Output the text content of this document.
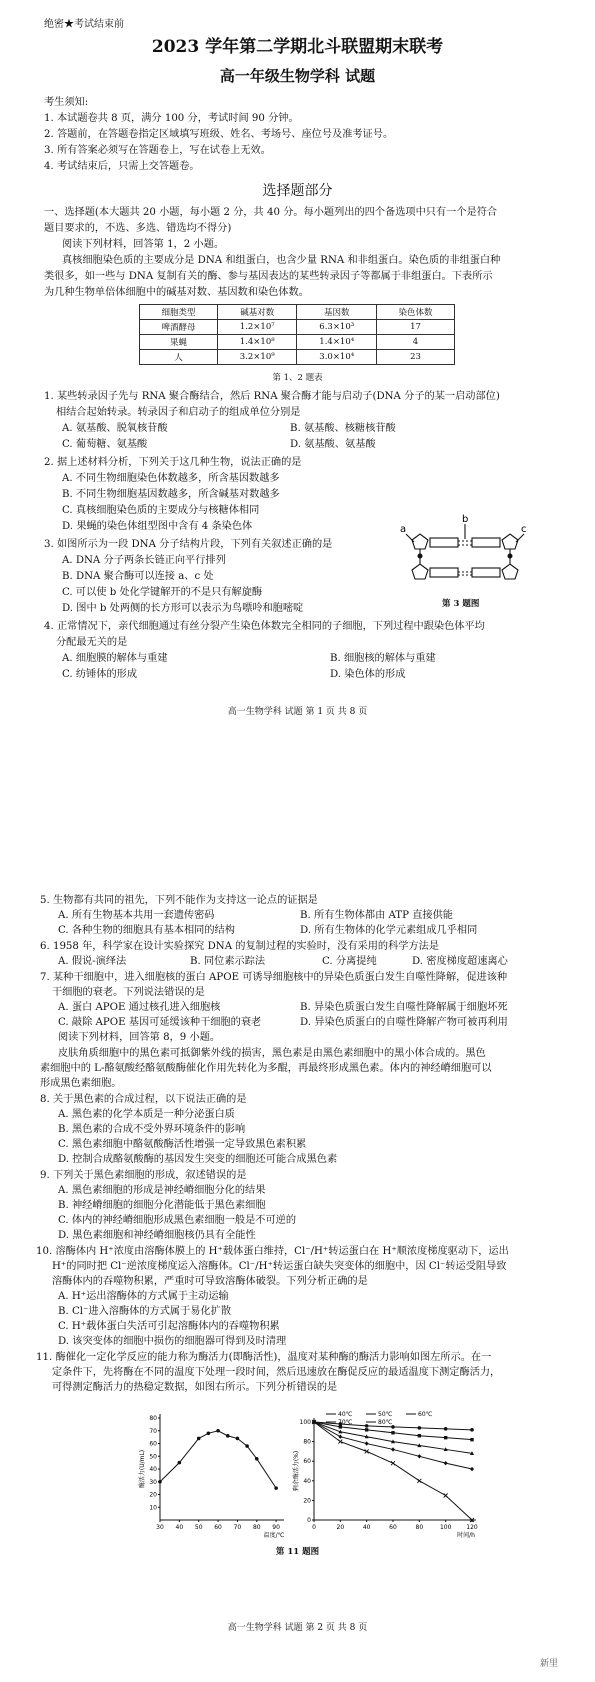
绝密★考试结束前
2023 学年第二学期北斗联盟期末联考
高一年级生物学科 试题
考生须知:
1. 本试题卷共 8 页，满分 100 分，考试时间 90 分钟。
2. 答题前，在答题卷指定区域填写班级、姓名、考场号、座位号及准考证号。
3. 所有答案必须写在答题卷上，写在试卷上无效。
4. 考试结束后，只需上交答题卷。
选择题部分
一、选择题(本大题共 20 小题，每小题 2 分，共 40 分。每小题列出的四个备选项中只有一个是符合
题目要求的，不选、多选、错选均不得分)
阅读下列材料，回答第 1，2 小题。
真核细胞染色质的主要成分是 DNA 和组蛋白，也含少量 RNA 和非组蛋白。染色质的非组蛋白种
类很多，如一些与 DNA 复制有关的酶、参与基因表达的某些转录因子等都属于非组蛋白。下表所示
为几种生物单倍体细胞中的碱基对数、基因数和染色体数。
细胞类型	碱基对数	基因数	染色体数
啤酒酵母	1.2×10⁷	6.3×10³	17
果蝇	1.4×10⁸	1.4×10⁴	4
人	3.2×10⁹	3.0×10⁴	23
第 1、2 题表
1. 某些转录因子先与 RNA 聚合酶结合，然后 RNA 聚合酶才能与启动子(DNA 分子的某一启动部位)
相结合起始转录。转录因子和启动子的组成单位分别是
A. 氨基酸、脱氧核苷酸	B. 氨基酸、核糖核苷酸
C. 葡萄糖、氨基酸	D. 氨基酸、氨基酸
2. 据上述材料分析，下列关于这几种生物，说法正确的是
A. 不同生物细胞染色体数越多，所含基因数越多
B. 不同生物细胞基因数越多，所含碱基对数越多
C. 真核细胞染色质的主要成分与核糖体相同
D. 果蝇的染色体组型图中含有 4 条染色体
3. 如图所示为一段 DNA 分子结构片段，下列有关叙述正确的是
A. DNA 分子两条长链正向平行排列
B. DNA 聚合酶可以连接 a、c 处
C. 可以使 b 处化学键解开的不是只有解旋酶
D. 图中 b 处两侧的长方形可以表示为鸟嘌呤和胞嘧啶
a
b
c
第 3 题图
4. 正常情况下，亲代细胞通过有丝分裂产生染色体数完全相同的子细胞，下列过程中跟染色体平均
分配最无关的是
A. 细胞膜的解体与重建	B. 细胞核的解体与重建
C. 纺锤体的形成	D. 染色体的形成
高一生物学科 试题 第 1 页 共 8 页
5. 生物都有共同的祖先，下列不能作为支持这一论点的证据是
A. 所有生物基本共用一套遗传密码	B. 所有生物体都由 ATP 直接供能
C. 各种生物的细胞具有基本相同的结构	D. 所有生物体的化学元素组成几乎相同
6. 1958 年，科学家在设计实验探究 DNA 的复制过程的实验时，没有采用的科学方法是
A. 假说-演绎法	B. 同位素示踪法	C. 分离提纯	D. 密度梯度超速离心
7. 某种干细胞中，进入细胞核的蛋白 APOE 可诱导细胞核中的异染色质蛋白发生自噬性降解，促进该种
干细胞的衰老。下列说法错误的是
A. 蛋白 APOE 通过核孔进入细胞核	B. 异染色质蛋白发生自噬性降解属于细胞坏死
C. 敲除 APOE 基因可延缓该种干细胞的衰老	D. 异染色质蛋白的自噬性降解产物可被再利用
阅读下列材料，回答第 8，9 小题。
皮肤角质细胞中的黑色素可抵御紫外线的损害，黑色素是由黑色素细胞中的黑小体合成的。黑色
素细胞中的 L-酪氨酸经酪氨酸酶催化作用先转化为多醌，再最终形成黑色素。体内的神经嵴细胞可以
形成黑色素细胞。
8. 关于黑色素的合成过程，以下说法正确的是
A. 黑色素的化学本质是一种分泌蛋白质
B. 黑色素的合成不受外界环境条件的影响
C. 黑色素细胞中酪氨酸酶活性增强一定导致黑色素积累
D. 控制合成酪氨酸酶的基因发生突变的细胞还可能合成黑色素
9. 下列关于黑色素细胞的形成，叙述错误的是
A. 黑色素细胞的形成是神经嵴细胞分化的结果
B. 神经嵴细胞的细胞分化潜能低于黑色素细胞
C. 体内的神经嵴细胞形成黑色素细胞一般是不可逆的
D. 黑色素细胞和神经嵴细胞核仍具有全能性
10. 溶酶体内 H⁺浓度由溶酶体膜上的 H⁺载体蛋白维持，Cl⁻/H⁺转运蛋白在 H⁺顺浓度梯度驱动下，运出
H⁺的同时把 Cl⁻逆浓度梯度运入溶酶体。Cl⁻/H⁺转运蛋白缺失突变体的细胞中，因 Cl⁻转运受阻导致
溶酶体内的吞噬物积累，严重时可导致溶酶体破裂。下列分析正确的是
A. H⁺运出溶酶体的方式属于主动运输
B. Cl⁻进入溶酶体的方式属于易化扩散
C. H⁺载体蛋白失活可引起溶酶体内的吞噬物积累
D. 该突变体的细胞中损伤的细胞器可得到及时清理
11. 酶催化一定化学反应的能力称为酶活力(即酶活性)，温度对某种酶的酶活力影响如图左所示。在一
定条件下，先将酶在不同的温度下处理一段时间，然后迅速放在酶促反应的最适温度下测定酶活力，
可得测定酶活力的热稳定数据，如图右所示。下列分析错误的是
30 40 50 60 70 80 90
10
20
30
40
50
60
70
80
温度/℃
酶活力(U/mL)
0	20	40	60	80	100 120
0
20
40
60
80
100
时间/h
剩余酶活力(%)
40℃	50℃	60℃
70℃	80℃
第 11 题图
高一生物学科 试题 第 2 页 共 8 页
新里
